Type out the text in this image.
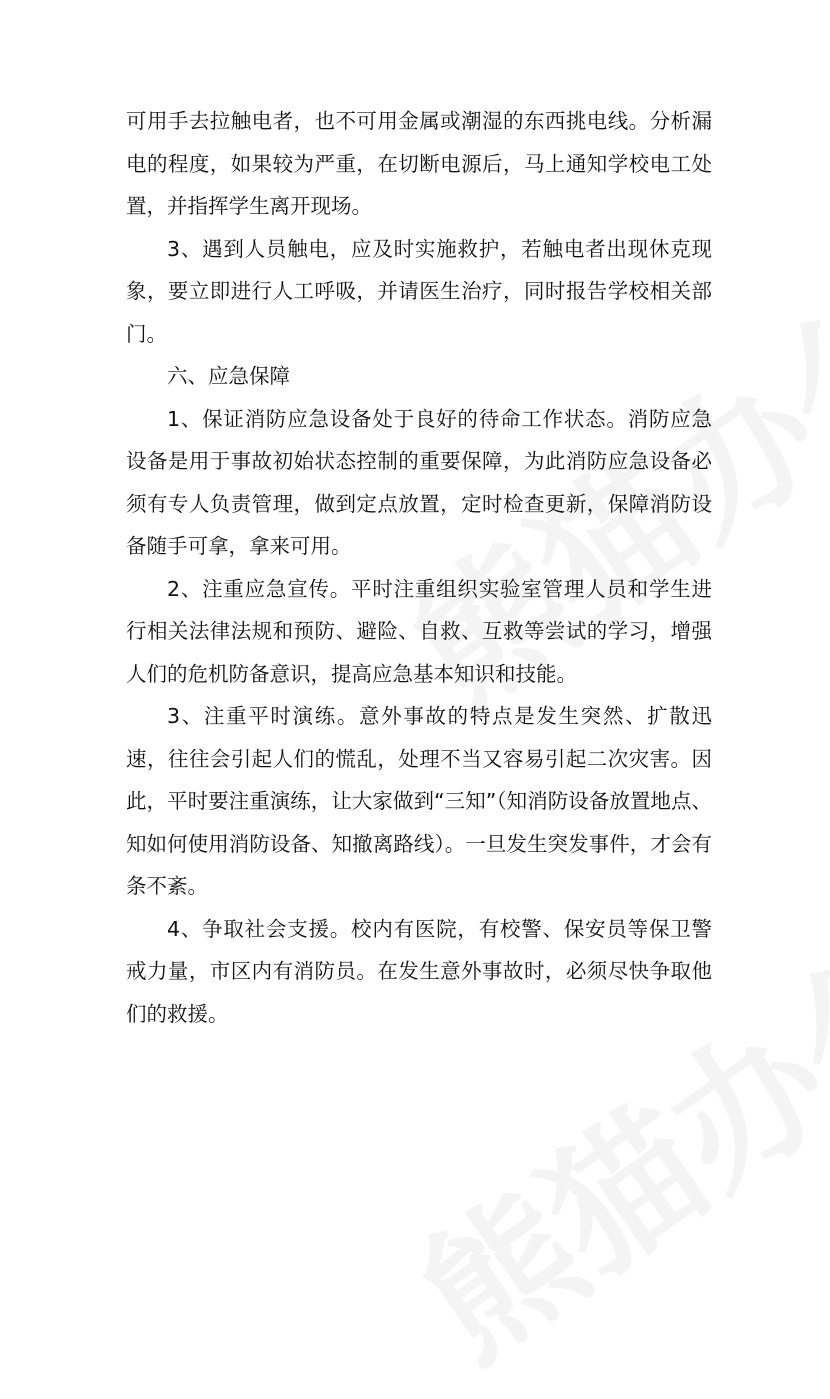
可用手去拉触电者，也不可用金属或潮湿的东西挑电线。分析漏电的程度，如果较为严重，在切断电源后，马上通知学校电工处置，并指挥学生离开现场。

3、遇到人员触电，应及时实施救护，若触电者出现休克现象，要立即进行人工呼吸，并请医生治疗，同时报告学校相关部门。

六、应急保障

1、保证消防应急设备处于良好的待命工作状态。消防应急设备是用于事故初始状态控制的重要保障，为此消防应急设备必须有专人负责管理，做到定点放置，定时检查更新，保障消防设备随手可拿，拿来可用。

2、注重应急宣传。平时注重组织实验室管理人员和学生进行相关法律法规和预防、避险、自救、互救等尝试的学习，增强人们的危机防备意识，提高应急基本知识和技能。

3、注重平时演练。意外事故的特点是发生突然、扩散迅速，往往会引起人们的慌乱，处理不当又容易引起二次灾害。因此，平时要注重演练，让大家做到“三知”（知消防设备放置地点、知如何使用消防设备、知撤离路线）。一旦发生突发事件，才会有条不紊。

4、争取社会支援。校内有医院，有校警、保安员等保卫警戒力量，市区内有消防员。在发生意外事故时，必须尽快争取他们的救援。
